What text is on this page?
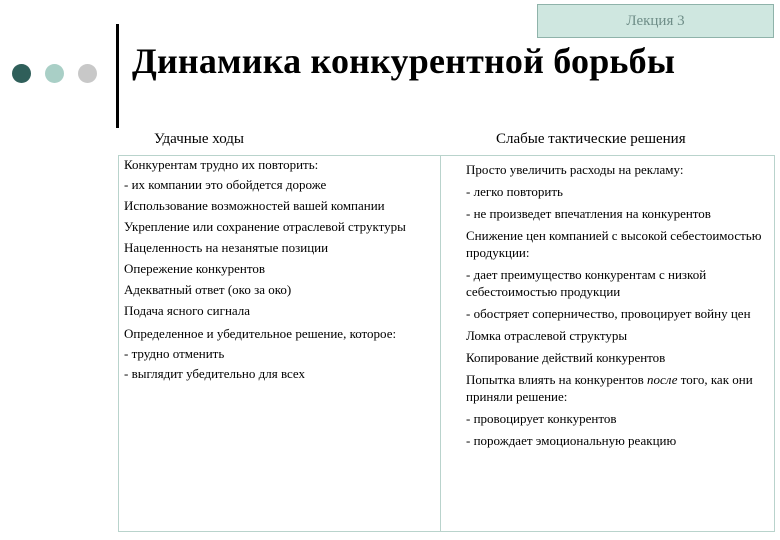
Лекция 3
Динамика конкурентной борьбы
Удачные ходы	Слабые тактические решения

Конкурентам трудно их повторить:

- их компании это обойдется дороже

Использование возможностей вашей компании

Укрепление или сохранение отраслевой структуры

Нацеленность на незанятые позиции

Опережение конкурентов

Адекватный ответ (око за око)

Подача ясного сигнала

Определенное и убедительное решение, которое:

- трудно отменить

- выглядит убедительно для всех

Просто увеличить расходы на рекламу:

- легко повторить

- не произведет впечатления на конкурентов

Снижение цен компанией с высокой себестоимостью продукции:

- дает преимущество конкурентам с низкой себестоимостью продукции

- обостряет соперничество, провоцирует войну цен

Ломка отраслевой структуры

Копирование действий конкурентов

Попытка влиять на конкурентов после того, как они приняли решение:

- провоцирует конкурентов

- порождает эмоциональную реакцию
